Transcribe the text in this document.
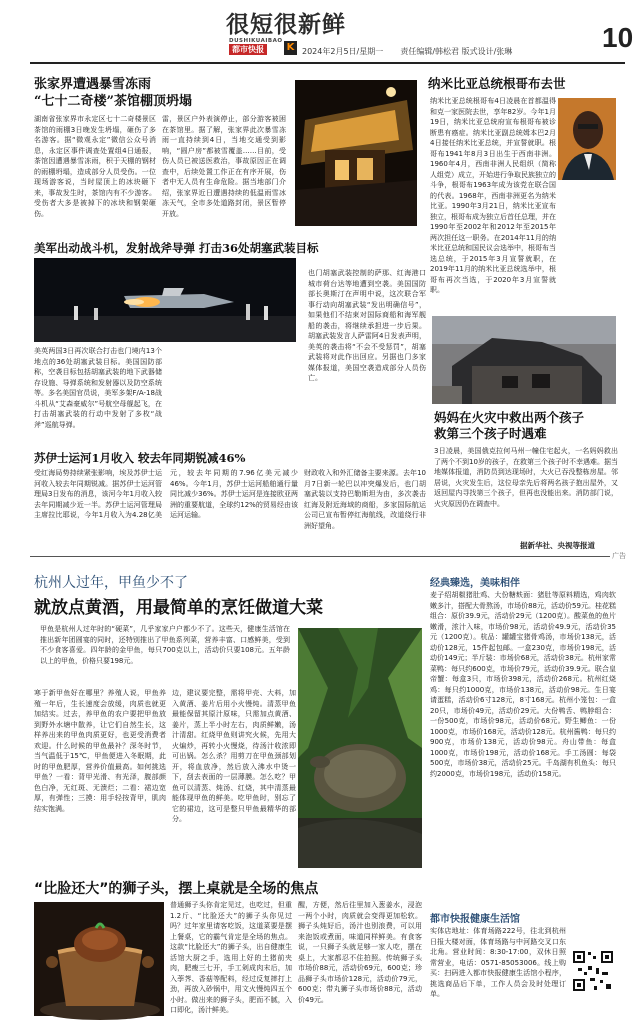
很短很新鲜
DUSHIKUAIBAO
都市快报	K 2024年2月5日/星期一 责任编辑/韩松君 版式设计/张琳	10
张家界遭遇暴雪冻雨
“七十二奇楼”茶馆棚顶坍塌
湖南省张家界市永定区七十二奇楼景区茶馆的雨棚3日晚发生坍塌，砸伤了多名游客。据“微观永定”微信公众号消息，永定区事件调查处置组4日通报，茶馆因遭遇暴雪冻雨，积于天棚的钢材的雨棚坍塌，造成部分人员受伤。一位现场游客说，当时屋顶上的冰块砸下来，事故发生时，茶馆内有不少游客。受伤者大多是被掉下的冰块和钢架砸伤。
雷，景区户外表演停止，部分游客被困在茶馆里。据了解，张家界此次暴雪冻雨一直持续到4日，当地交通受到影响，“圆户房”都被雪覆盖……目前，受伤人员已被送医救治，事故原因正在调查中，后续处置工作正在有序开展，伤者中无人员有生命危险。据当地部门介绍，张家界近日遭遇持续的低温雨雪冰冻天气，全市多处道路封闭，景区暂停开放。
纳米比亚总统根哥布去世
纳米比亚总统根哥布4日凌晨在首都温得和克一家医院去世，享年82岁。今年1月19日，纳米比亚总统府宣布根哥布被诊断患有癌症。纳米比亚副总统姆本巴2月4日接任纳米比亚总统，并宣誓就职。根哥布1941年8月3日出生于西南非洲。1960年4月，西南非洲人民组织（简称人组党）成立，开始进行争取民族独立的斗争，根哥布1963年成为该党在联合国的代表。1968年，西南非洲更名为纳米比亚。1990年3月21日，纳米比亚宣布独立，根哥布成为独立后首任总理，并在1990年至2002年和2012年至2015年两次担任这一职务。在2014年11月的纳米比亚总统和国民议会选举中，根哥布当选总统，于2015年3月宣誓就职，在2019年11月的纳米比亚总统选举中，根哥布再次当选，于2020年3月宣誓就职。
美军出动战斗机，发射战斧导弹 打击36处胡塞武装目标
美英两国3日再次联合打击也门境内13个地点的36处胡塞武装目标。美国国防部称，空袭目标包括胡塞武装的地下武器储存设施、导弹系统和发射器以及防空系统等。多名美国官员说，美军多架F/A-18战斗机从“艾森豪威尔”号航空母舰起飞，在打击胡塞武装的行动中发射了多枚“战斧”巡航导弹。
也门胡塞武装控制的萨那、红海港口城市荷台达等地遭到空袭。美国国防部长奥斯汀在声明中说，这次联合军事行动向胡塞武装“发出明确信号”，如果他们不结束对国际商船和海军舰船的袭击，将继续承担进一步后果。胡塞武装发言人萨雷阿4日发表声明，美英的袭击将“不会不受惩罚”，胡塞武装将对此作出回应。另据也门多家媒体报道，美国空袭造成部分人员伤亡。
苏伊士运河1月收入 较去年同期锐减46%
受红海局势持续紧张影响，埃及苏伊士运河收入较去年同期锐减。据苏伊士运河管理局3日发布的消息，该河今年1月收入较去年同期减少近一半。苏伊士运河管理局主席拉比耶说，今年1月收入为4.28亿美元，较去年同期的7.96亿美元减少46%。今年1月，苏伊士运河船舶通行量同比减少36%。苏伊士运河是连接欧亚两洲的重要航道，全球约12%的贸易经由该运河运输。
财政收入和外汇储备主要来源。去年10月7日新一轮巴以冲突爆发后，也门胡塞武装以支持巴勒斯坦为由，多次袭击红海及附近海域的商船，多家国际航运公司已宣布暂停红海航线，改道绕行非洲好望角。
妈妈在火灾中救出两个孩子
救第三个孩子时遇难
3日凌晨，美国俄克拉何马州一幢住宅起火，一名妈妈救出了两个不到10岁的孩子，在救第三个孩子时不幸遇难。据当地媒体报道，消防员到达现场时，大火已吞没整栋房屋。邻居说，火灾发生后，这位母亲先后将两名孩子抱出屋外，又返回屋内寻找第三个孩子，但再也没能出来。消防部门说，火灾原因仍在调查中。
据新华社、央视等报道
广告
杭州人过年，甲鱼少不了
就放点黄酒，用最简单的烹饪做道大菜
甲鱼是杭州人过年时的“硬菜”，几乎家家户户都少不了。这些天，健康生活馆在推出新年团圆宴的同时，还特别推出了甲鱼系列菜，营养丰富、口感鲜美，受到不少食客喜爱。四年龄的金甲鱼，每只700克以上，活动价只要108元。五年龄以上的甲鱼，价格只要198元。
寒于新甲鱼好在哪里？养殖人说，甲鱼养殖一年后，生长速度会放缓，肉质也就更加结实。过去，养甲鱼的农户要把甲鱼放到野外水塘中散养，让它们自然生长，这样养出来的甲鱼肉质更好，也更受消费者欢迎。什么时候的甲鱼最补？深冬时节，当气温低于15℃，甲鱼便进入冬眠期，此时的甲鱼肥厚，营养价值最高。如何挑选甲鱼？一看：背甲光滑、有光泽，腹部颜色白净，无红斑、无溃烂；二看：裙边宽厚，有弹性；三摸：用手轻按背甲，肌肉结实饱满。
边，建议要完整，需将甲壳、大料，加入黄酒、姜片后用小火慢炖。清蒸甲鱼最能保留其原汁原味，只需加点黄酒、姜片，蒸上半小时左右，肉质鲜嫩，汤汁清甜。红烧甲鱼则讲究火候，先用大火煸炒，再转小火慢烧，待汤汁收浓即可出锅。怎么杀？用剪刀在甲鱼颈部划开，将血放净，然后放入沸水中烫一下，刮去表面的一层薄膜。怎么吃？甲鱼可以清蒸、炖汤、红烧，其中清蒸最能体现甲鱼的鲜美。吃甲鱼时，别忘了它的裙边，这可是整只甲鱼最精华的部分。
“比脸还大”的狮子头，摆上桌就是全场的焦点
普通狮子头你肯定见过，也吃过，但重1.2斤、“比脸还大”的狮子头你见过吗？过年家里请客吃饭，这道菜要是摆上餐桌，它的霸气肯定是全场的焦点。这款“比脸还大”的狮子头，出自健康生活馆大厨之手，选用上好的土猪前夹肉，肥瘦三七开，手工剁成肉末后，加入荸荠、香菇等配料，经过反复摔打上劲，再放入砂锅中，用文火慢炖四五个小时。做出来的狮子头，肥而不腻，入口即化，汤汁鲜美。
醒，方便，然后往里加入葱姜水，浸泡一两个小时，肉质就会变得更加松软。狮子头炖好后，汤汁也别浪费，可以用来泡饭或煮面，味道同样鲜美。有食客说，一只狮子头就足够一家人吃，摆在桌上，大家都忍不住拍照。传统狮子头市场价88元，活动价69元，600克；珍品狮子头市场价128元，活动价79元，600克；带丸狮子头市场价88元，活动价49元。
经典臻选，美味相伴
麦子绍胡椒猪肚鸡、大份糖麸面：猪肚等原料精选，鸡肉软嫩多汁，搭配大骨熬汤，市场价88元，活动价59元。桂花糕组合：原价39.9元，活动价29元（1200克）。酸菜鱼的鱼片嫩滑，浓汁入味，市场价98元，活动价49.9元，活动价35元（1200克）。杭品：罐罐宝猪骨鸡汤，市场价138元，活动价128元，15件起包邮。一盒230克，市场价198元，活动价149元；半斤装：市场价68元，活动价38元。杭州家常菜鸭：每只约600克，市场价79元，活动价39.9元。联合皇帝蟹：每盒3只，市场价398元，活动价268元。杭州红烧鸡：每只约1000克，市场价138元，活动价98元。生日宴请蛋糕，活动价6寸128元，8寸168元。杭州小笼包：一盒20只，市场价49元，活动价29元。大份鸭舌、鸭脖组合：一份500克，市场价98元，活动价68元。野生鲫鱼：一份1000克，市场价168元，活动价128元。杭州酱鸭：每只约900克，市场价138元，活动价98元。舟山带鱼：每盒1000克，市场价198元，活动价168元。手工汤圆：每袋500克，市场价38元，活动价25元。千岛湖有机鱼头：每只约2000克，市场价198元，活动价158元。
都市快报健康生活馆
实体店地址：体育场路222号，往北到杭州日报大楼对面，体育场路与中河路交叉口东北角。营业时间：8:30-17:00，双休日照常营业，电话：0571-85053006。线上购买：扫码进入都市快报健康生活馆小程序，挑选商品后下单，工作人员会及时处理订单。
